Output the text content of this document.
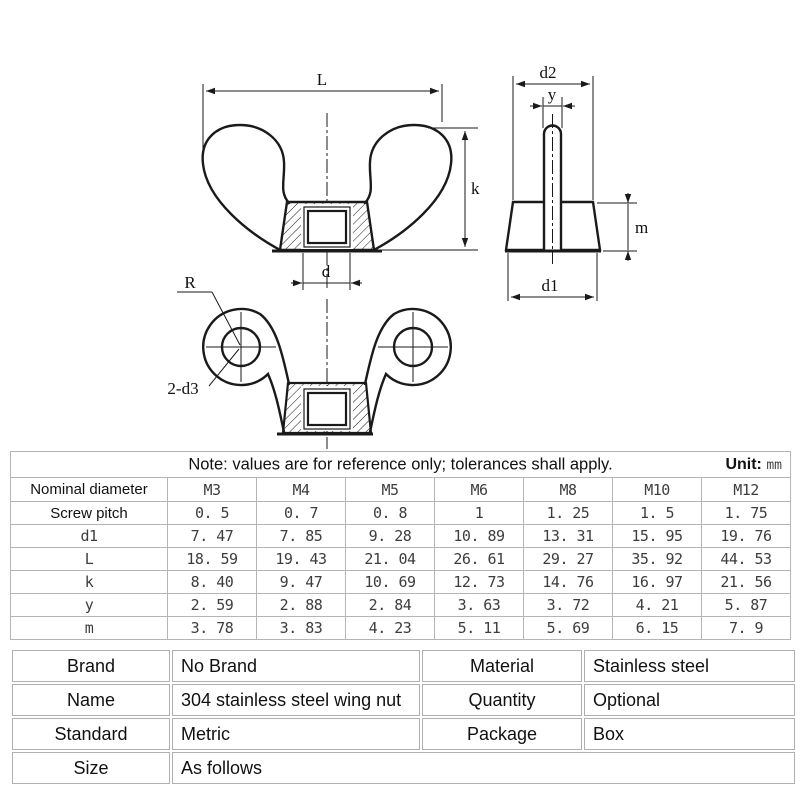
L
k
d
d2
y
m
d1
R
2-d3
Note: values are for reference only; tolerances shall apply. Unit: mm							

Nominal diameter	M3	M4	M5	M6	M8	M10	M12
Screw pitch	0. 5	0. 7	0. 8	1	1. 25	1. 5	1. 75
d1	7. 47	7. 85	9. 28	10. 89	13. 31	15. 95	19. 76
L	18. 59	19. 43	21. 04	26. 61	29. 27	35. 92	44. 53
k	8. 40	9. 47	10. 69	12. 73	14. 76	16. 97	21. 56
y	2. 59	2. 88	2. 84	3. 63	3. 72	4. 21	5. 87
m	3. 78	3. 83	4. 23	5. 11	5. 69	6. 15	7. 9
Brand	No Brand	Material	Stainless steel
Name	304 stainless steel wing nut	Quantity	Optional
Standard	Metric	Package	Box
Size	As follows		
